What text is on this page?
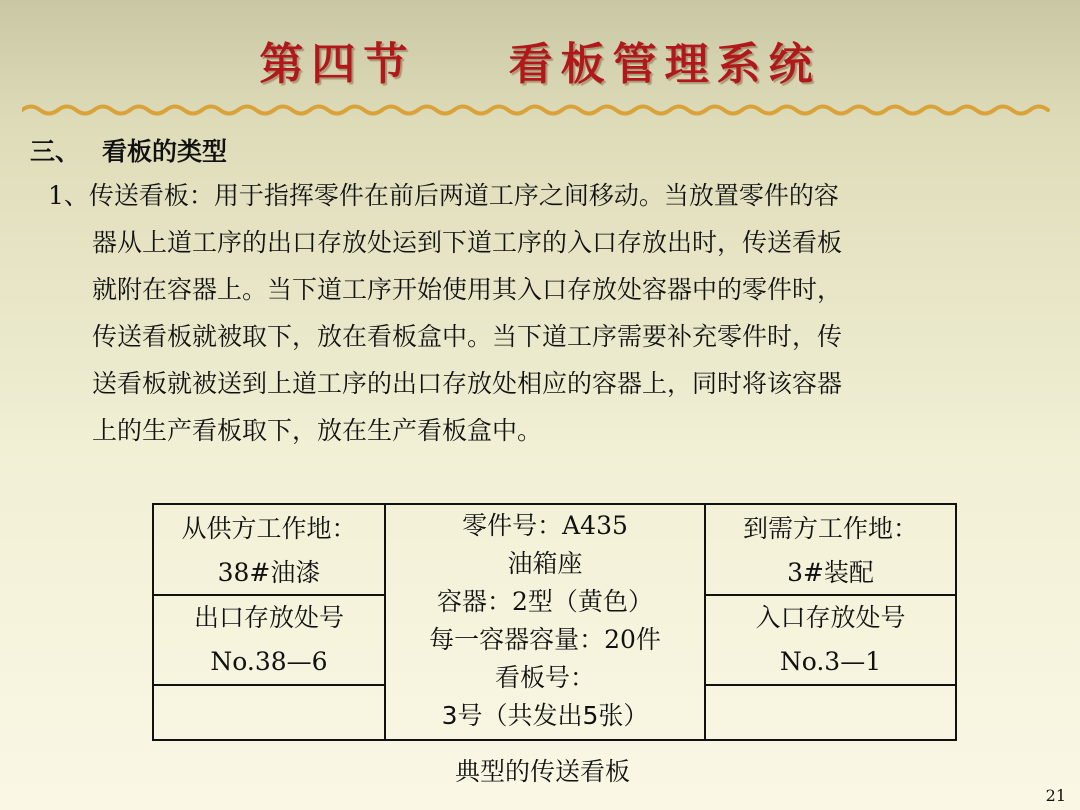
第四节    看板管理系统
三、 看板的类型
1、传送看板：用于指挥零件在前后两道工序之间移动。当放置零件的容
器从上道工序的出口存放处运到下道工序的入口存放出时，传送看板
就附在容器上。当下道工序开始使用其入口存放处容器中的零件时，
传送看板就被取下，放在看板盒中。当下道工序需要补充零件时，传
送看板就被送到上道工序的出口存放处相应的容器上，同时将该容器
上的生产看板取下，放在生产看板盒中。
从供方工作地：
38#油漆
出口存放处号
No.38—6
零件号：A435
油箱座
容器：2型（黄色）
每一容器容量：20件
看板号：
3号（共发出5张）
到需方工作地：
3#装配
入口存放处号
No.3—1
典型的传送看板
21
